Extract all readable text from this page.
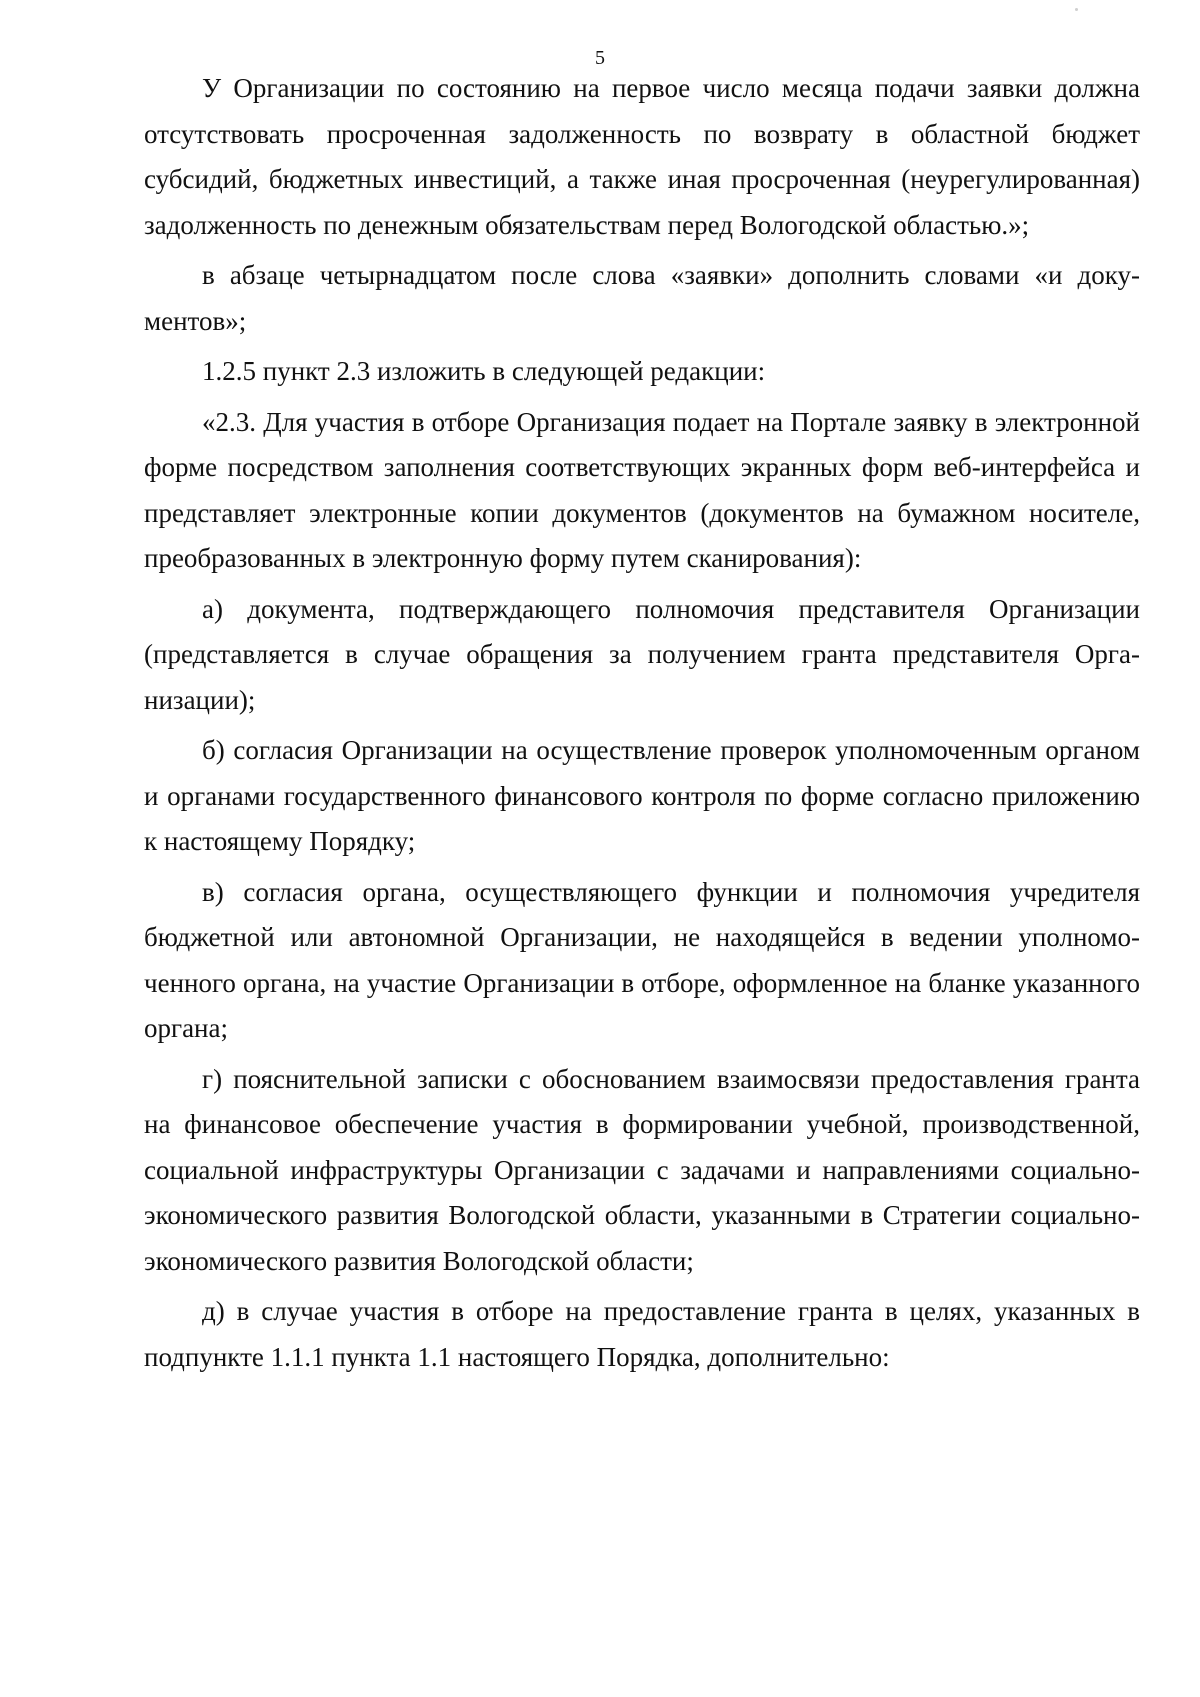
5

У Организации по состоянию на первое число месяца подачи заявки должна отсутствовать просроченная задолженность по возврату в областной бюджет субсидий, бюджетных инвестиций, а также иная просроченная (неурегулированная) задолженность по денежным обязательствам перед Вологодской областью.»;

в абзаце четырнадцатом после слова «заявки» дополнить словами «и документов»;

1.2.5 пункт 2.3 изложить в следующей редакции:

«2.3. Для участия в отборе Организация подает на Портале заявку в электронной форме посредством заполнения соответствующих экранных форм веб-интерфейса и представляет электронные копии документов (документов на бумажном носителе, преобразованных в электронную форму путем сканирования):

а) документа, подтверждающего полномочия представителя Организации (представляется в случае обращения за получением гранта представителя Организации);

б) согласия Организации на осуществление проверок уполномоченным органом и органами государственного финансового контроля по форме согласно приложению к настоящему Порядку;

в) согласия органа, осуществляющего функции и полномочия учредителя бюджетной или автономной Организации, не находящейся в ведении уполномоченного органа, на участие Организации в отборе, оформленное на бланке указанного органа;

г) пояснительной записки с обоснованием взаимосвязи предоставления гранта на финансовое обеспечение участия в формировании учебной, производственной, социальной инфраструктуры Организации с задачами и направлениями социально-экономического развития Вологодской области, указанными в Стратегии социально-экономического развития Вологодской области;

д) в случае участия в отборе на предоставление гранта в целях, указанных в подпункте 1.1.1 пункта 1.1 настоящего Порядка, дополнительно:
